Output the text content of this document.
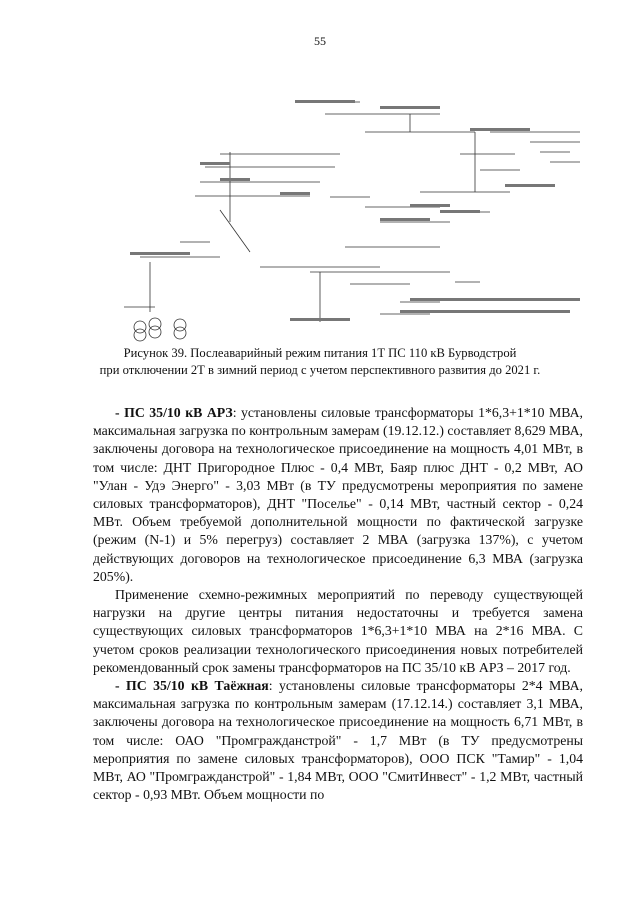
55
Рисунок 39. Послеаварийный режим питания 1Т ПС 110 кВ Бурводстрой
при отключении 2Т в зимний период с учетом перспективного развития до 2021 г.

- ПС 35/10 кВ АРЗ: установлены силовые трансформаторы 1*6,3+1*10 МВА, максимальная загрузка по контрольным замерам (19.12.12.) составляет 8,629 МВА, заключены договора на технологическое присоединение на мощность 4,01 МВт, в том числе: ДНТ Пригородное Плюс - 0,4 МВт, Баяр плюс ДНТ - 0,2 МВт, АО "Улан - Удэ Энерго" - 3,03 МВт (в ТУ предусмотрены мероприятия по замене силовых трансформаторов), ДНТ "Поселье" - 0,14 МВт, частный сектор - 0,24 МВт. Объем требуемой дополнительной мощности по фактической загрузке (режим (N-1) и 5% перегруз) составляет 2 МВА (загрузка 137%), с учетом действующих договоров на технологическое присоединение 6,3 МВА (загрузка 205%).

Применение схемно-режимных мероприятий по переводу существующей нагрузки на другие центры питания недостаточны и требуется замена существующих силовых трансформаторов 1*6,3+1*10 МВА на 2*16 МВА. С учетом сроков реализации технологического присоединения новых потребителей рекомендованный срок замены трансформаторов на ПС 35/10 кВ АРЗ – 2017 год.

- ПС 35/10 кВ Таёжная: установлены силовые трансформаторы 2*4 МВА, максимальная загрузка по контрольным замерам (17.12.14.) составляет 3,1 МВА, заключены договора на технологическое присоединение на мощность 6,71 МВт, в том числе: ОАО "Промгражданстрой" - 1,7 МВт (в ТУ предусмотрены мероприятия по замене силовых трансформаторов), ООО ПСК "Тамир" - 1,04 МВт, АО "Промгражданстрой" - 1,84 МВт, ООО "СмитИнвест" - 1,2 МВт, частный сектор - 0,93 МВт. Объем мощности по
